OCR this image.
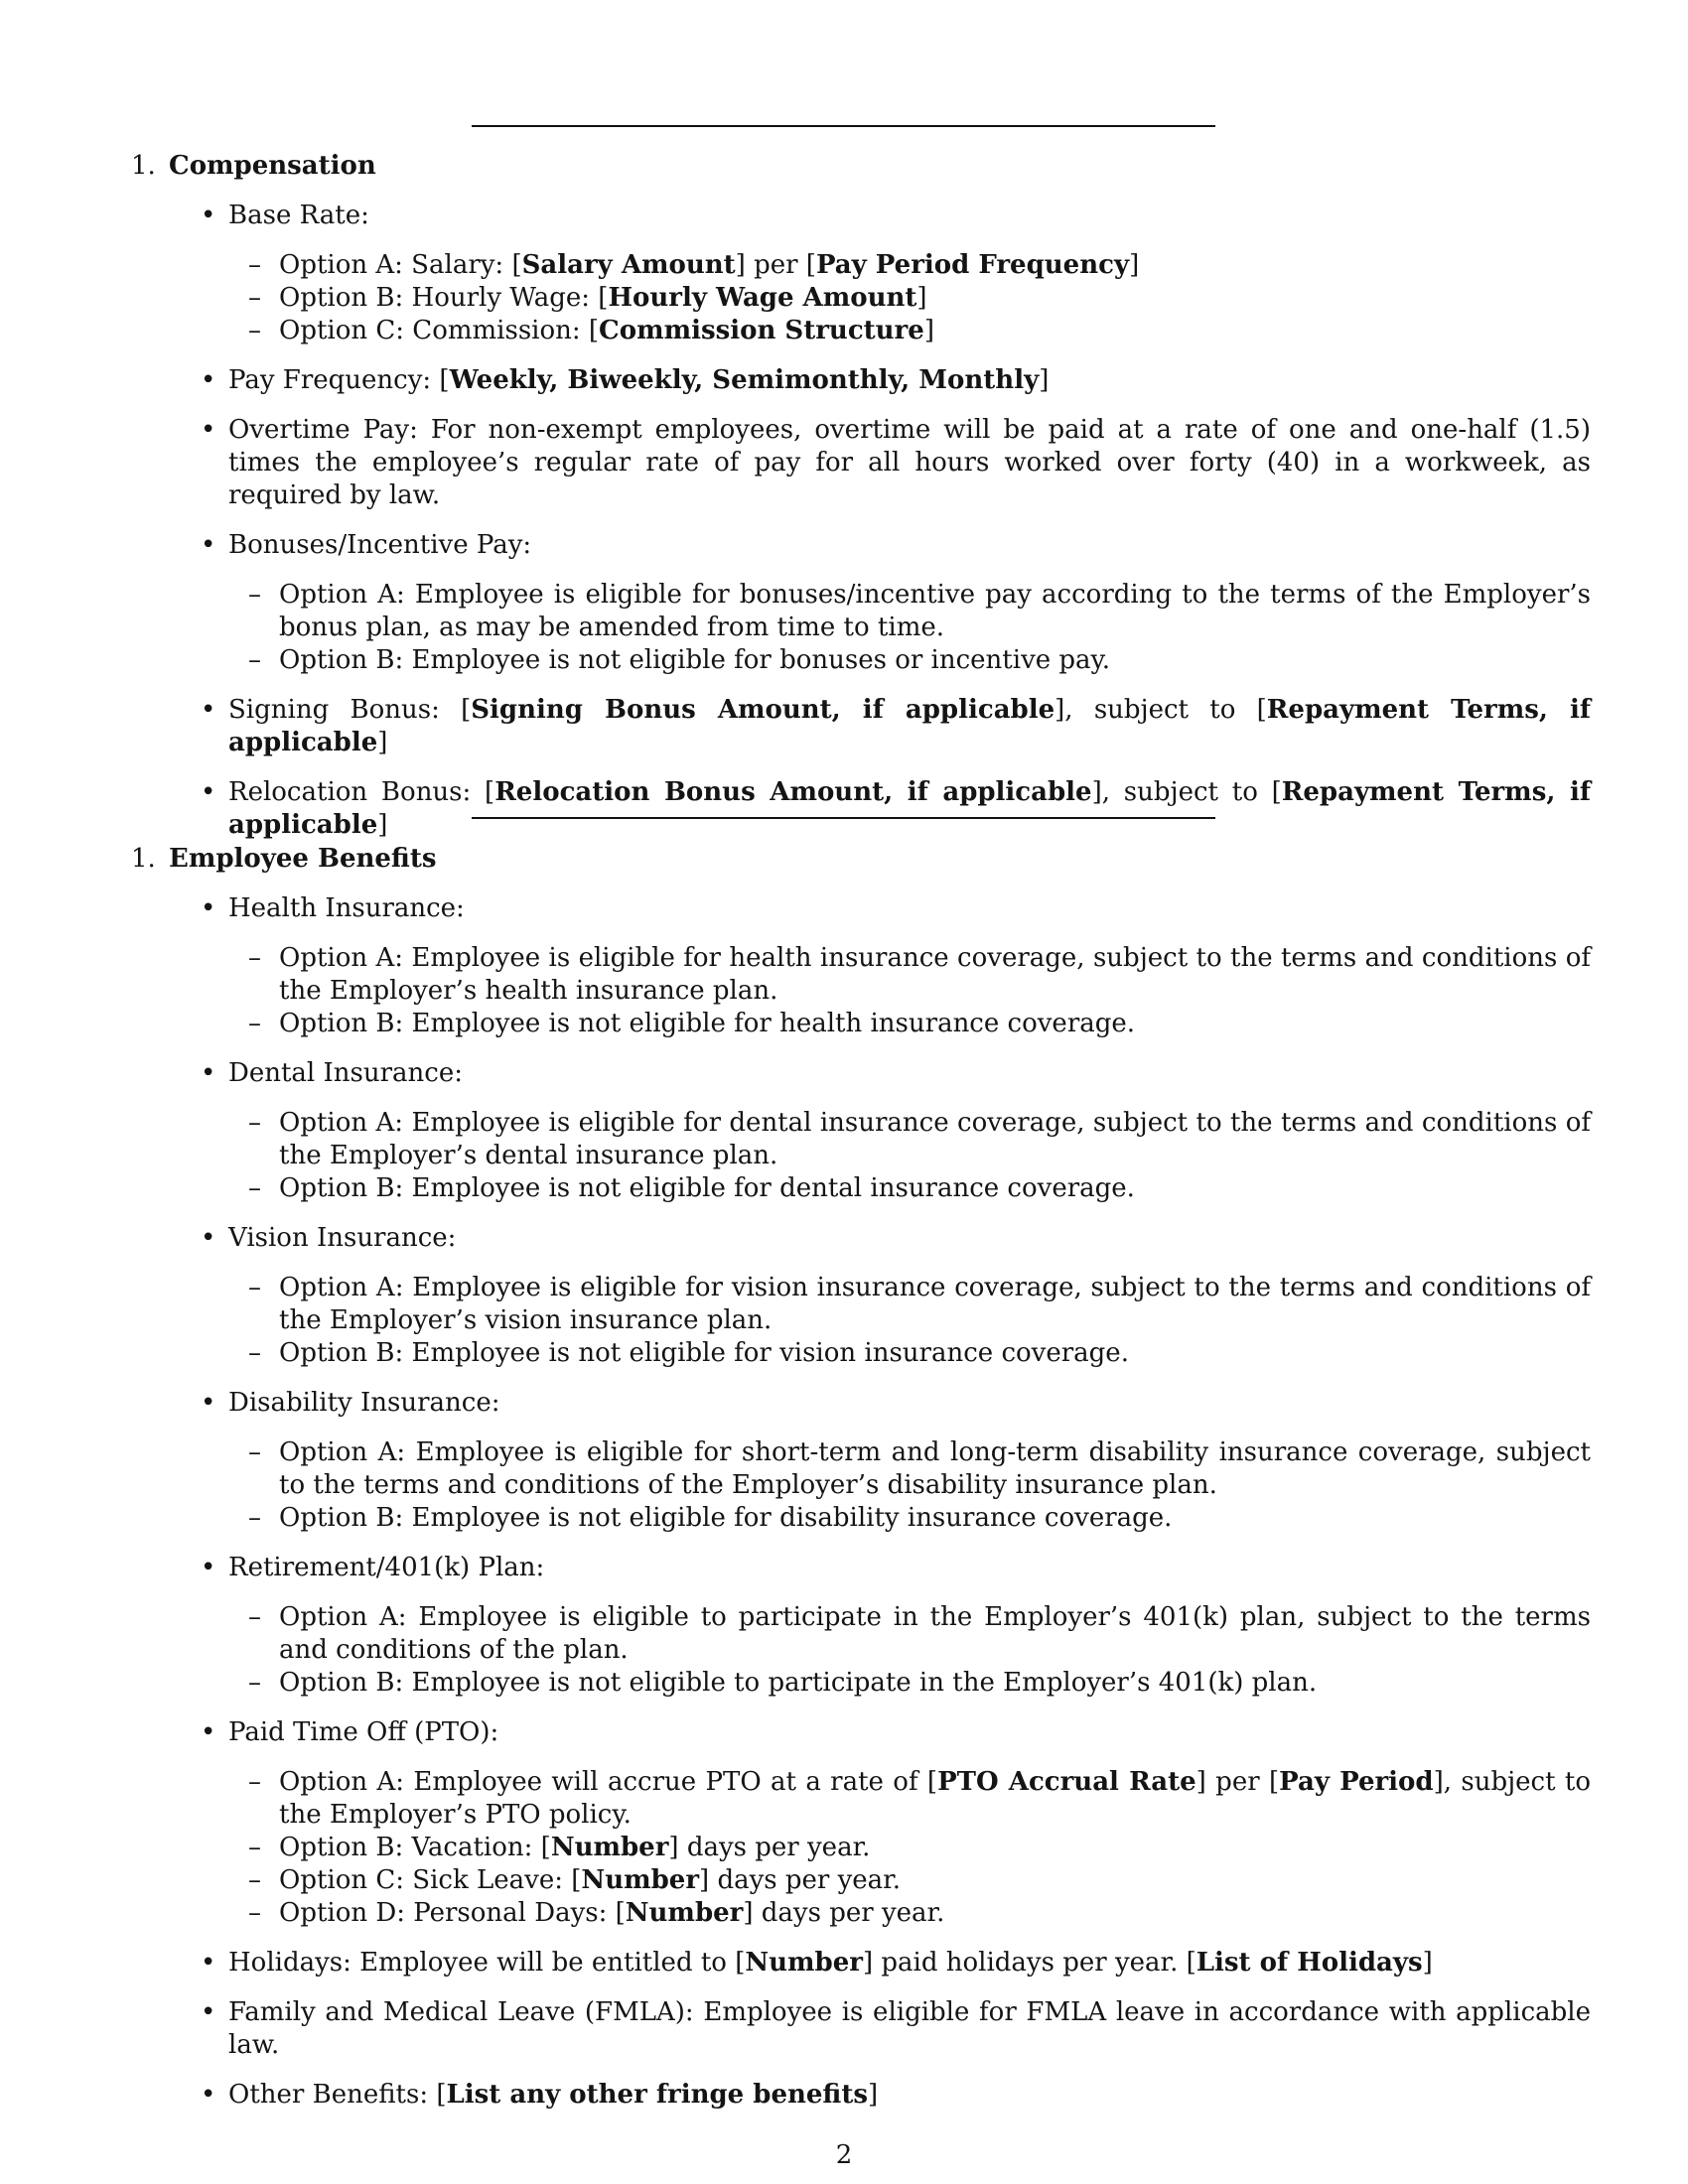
1. Compensation
• Base Rate:
– Option A: Salary: [Salary Amount] per [Pay Period Frequency]
– Option B: Hourly Wage: [Hourly Wage Amount]
– Option C: Commission: [Commission Structure]
• Pay Frequency: [Weekly, Biweekly, Semimonthly, Monthly]
• Overtime Pay: For non-exempt employees, overtime will be paid at a rate of one and one-half (1.5) times the employee’s regular rate of pay for all hours worked over forty (40) in a workweek, as required by law.
• Bonuses/Incentive Pay:
– Option A: Employee is eligible for bonuses/incentive pay according to the terms of the Employer’s bonus plan, as may be amended from time to time.
– Option B: Employee is not eligible for bonuses or incentive pay.
• Signing Bonus: [Signing Bonus Amount, if applicable], subject to [Repayment Terms, if applicable]
• Relocation Bonus: [Relocation Bonus Amount, if applicable], subject to [Repayment Terms, if applicable]
1. Employee Benefits
• Health Insurance:
– Option A: Employee is eligible for health insurance coverage, subject to the terms and conditions of the Employer’s health insurance plan.
– Option B: Employee is not eligible for health insurance coverage.
• Dental Insurance:
– Option A: Employee is eligible for dental insurance coverage, subject to the terms and conditions of the Employer’s dental insurance plan.
– Option B: Employee is not eligible for dental insurance coverage.
• Vision Insurance:
– Option A: Employee is eligible for vision insurance coverage, subject to the terms and conditions of the Employer’s vision insurance plan.
– Option B: Employee is not eligible for vision insurance coverage.
• Disability Insurance:
– Option A: Employee is eligible for short-term and long-term disability insurance coverage, subject to the terms and conditions of the Employer’s disability insurance plan.
– Option B: Employee is not eligible for disability insurance coverage.
• Retirement/401(k) Plan:
– Option A: Employee is eligible to participate in the Employer’s 401(k) plan, subject to the terms and conditions of the plan.
– Option B: Employee is not eligible to participate in the Employer’s 401(k) plan.
• Paid Time Off (PTO):
– Option A: Employee will accrue PTO at a rate of [PTO Accrual Rate] per [Pay Period], subject to the Employer’s PTO policy.
– Option B: Vacation: [Number] days per year.
– Option C: Sick Leave: [Number] days per year.
– Option D: Personal Days: [Number] days per year.
• Holidays: Employee will be entitled to [Number] paid holidays per year. [List of Holidays]
• Family and Medical Leave (FMLA): Employee is eligible for FMLA leave in accordance with applicable law.
• Other Benefits: [List any other fringe benefits]
2
